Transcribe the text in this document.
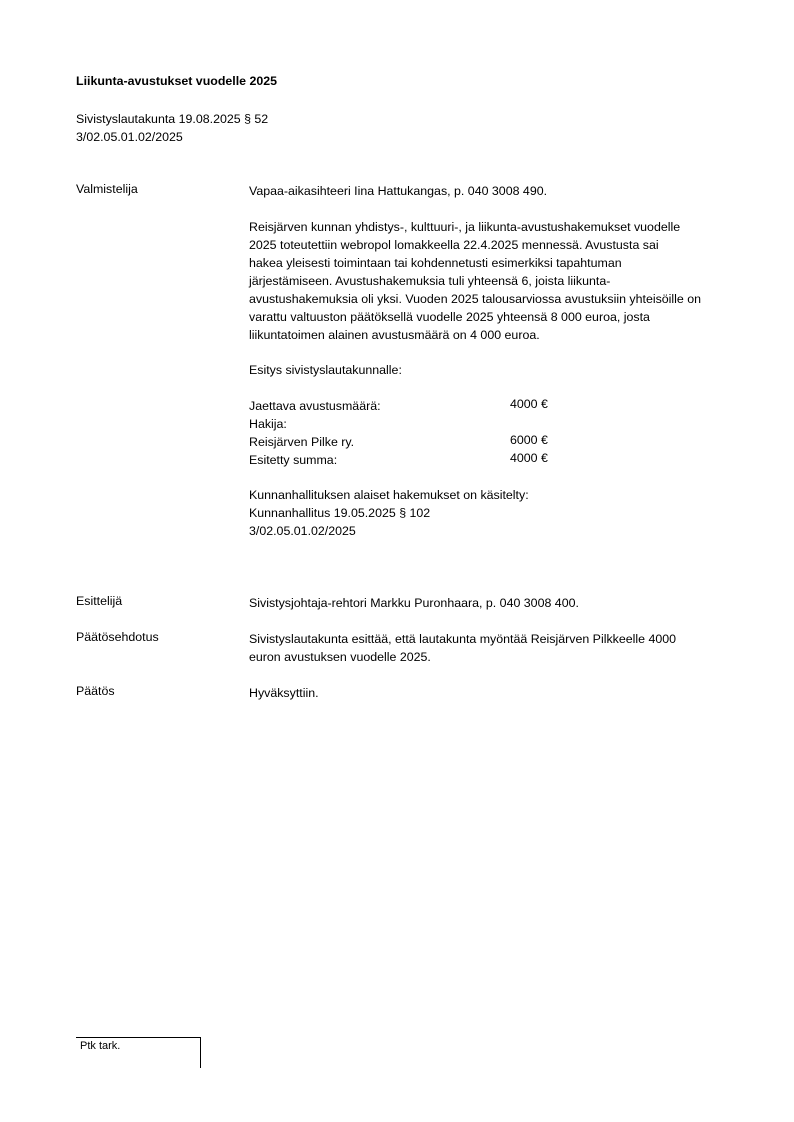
Liikunta-avustukset vuodelle 2025
Sivistyslautakunta 19.08.2025 § 52
3/02.05.01.02/2025
Valmistelija	Vapaa-aikasihteeri Iina Hattukangas, p. 040 3008 490.
Reisjärven kunnan yhdistys-, kulttuuri-, ja liikunta-avustushakemukset vuodelle
2025 toteutettiin webropol lomakkeella 22.4.2025 mennessä. Avustusta sai
hakea yleisesti toimintaan tai kohdennetusti esimerkiksi tapahtuman
järjestämiseen. Avustushakemuksia tuli yhteensä 6, joista liikunta-
avustushakemuksia oli yksi. Vuoden 2025 talousarviossa avustuksiin yhteisöille on
varattu valtuuston päätöksellä vuodelle 2025 yhteensä 8 000 euroa, josta
liikuntatoimen alainen avustusmäärä on 4 000 euroa.
Esitys sivistyslautakunnalle:
Jaettava avustusmäärä:	4000 €
Hakija:
Reisjärven Pilke ry.	6000 €
Esitetty summa:	4000 €
Kunnanhallituksen alaiset hakemukset on käsitelty:
Kunnanhallitus 19.05.2025 § 102
3/02.05.01.02/2025
Esittelijä	Sivistysjohtaja-rehtori Markku Puronhaara, p. 040 3008 400.
Päätösehdotus	Sivistyslautakunta esittää, että lautakunta myöntää Reisjärven Pilkkeelle 4000
euron avustuksen vuodelle 2025.
Päätös	Hyväksyttiin.
Ptk tark.
